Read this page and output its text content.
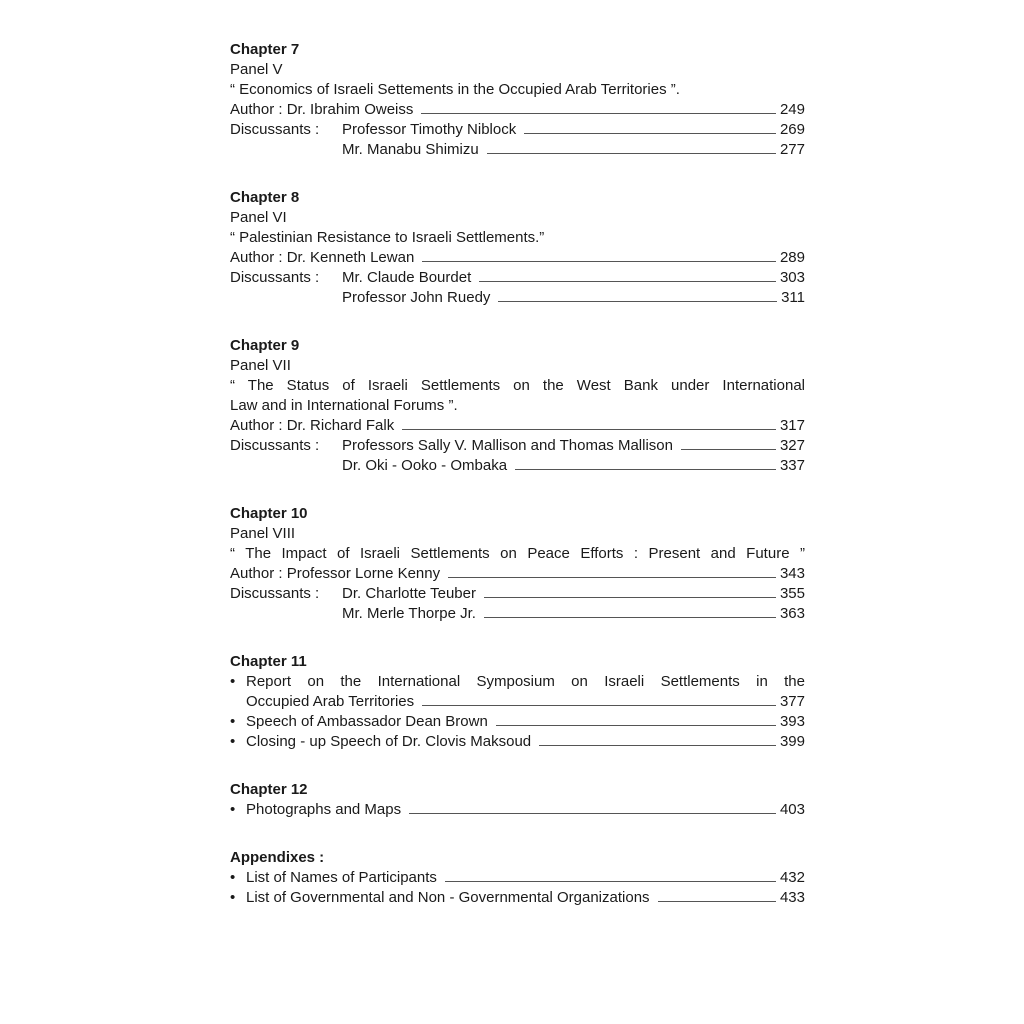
Chapter 7
Panel V
“ Economics of Israeli Settements in the Occupied Arab Territories ”.
Author : Dr. Ibrahim Oweiss	249
Discussants :	Professor Timothy Niblock	269
Mr. Manabu Shimizu	277
Chapter 8
Panel VI
“ Palestinian Resistance to Israeli Settlements.”
Author : Dr. Kenneth Lewan	289
Discussants :	Mr. Claude Bourdet	303
Professor John Ruedy	311
Chapter 9
Panel VII
“ The Status of Israeli Settlements on the West Bank under International
Law and in International Forums ”.
Author : Dr. Richard Falk	317
Discussants :	Professors Sally V. Mallison and Thomas Mallison	327
Dr. Oki - Ooko - Ombaka	337
Chapter 10
Panel VIII
“ The Impact of Israeli Settlements on Peace Efforts : Present and Future ”
Author : Professor Lorne Kenny	343
Discussants :	Dr. Charlotte Teuber	355
Mr. Merle Thorpe Jr.	363
Chapter 11
• Report on the International Symposium on Israeli Settlements in the
Occupied Arab Territories	377
• Speech of Ambassador Dean Brown	393
• Closing - up Speech of Dr. Clovis Maksoud	399
Chapter 12
• Photographs and Maps	403
Appendixes :
• List of Names of Participants	432
• List of Governmental and Non - Governmental Organizations	433
